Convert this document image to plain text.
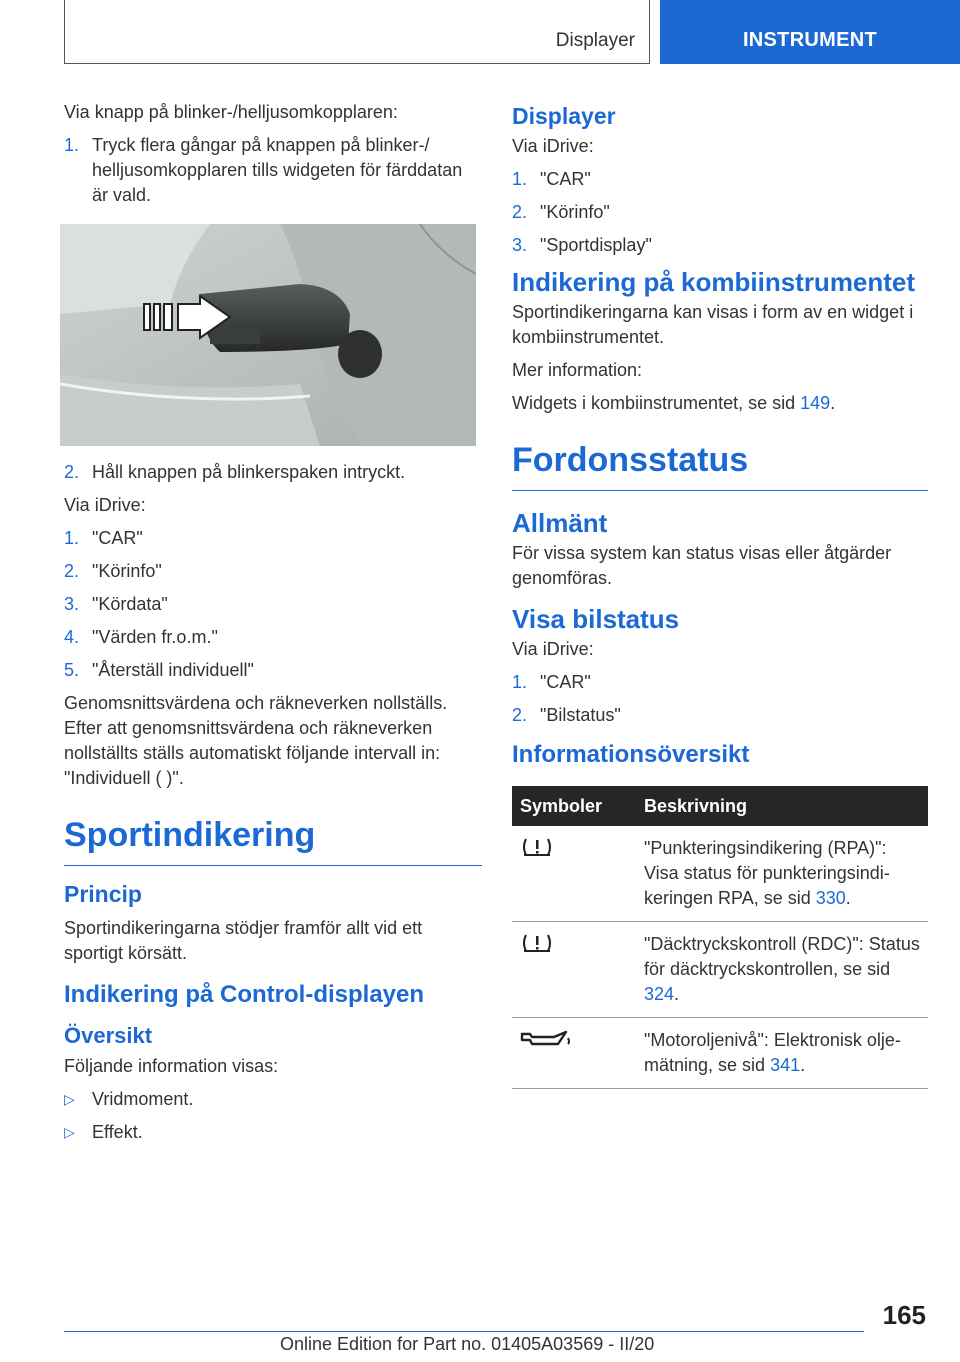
Displayer	INSTRUMENT

Via knapp på blinker-/helljusomkopplaren:

1. Tryck flera gångar på knappen på blinker-/ helljusomkopplaren tills widgeten för färddatan är vald.
2. Håll knappen på blinkerspaken intryckt.

Via iDrive:

1. "CAR"
2. "Körinfo"
3. "Kördata"
4. "Värden fr.o.m."
5. "Återställ individuell"

Genomsnittsvärdena och räkneverken nollställs. Efter att genomsnittsvärdena och räkneverken nollställts ställs automatiskt följande intervall in: "Individuell ( )".

Sportindikering
Princip

Sportindikeringarna stödjer framför allt vid ett sportigt körsätt.

Indikering på Control-displayen
Översikt

Följande information visas:

▷ Vridmoment.
▷ Effekt.
Displayer

Via iDrive:

1. "CAR"
2. "Körinfo"
3. "Sportdisplay"
Indikering på kombiinstrumentet

Sportindikeringarna kan visas i form av en widget i kombiinstrumentet.

Mer information:

Widgets i kombiinstrumentet, se sid 149.

Fordonsstatus
Allmänt

För vissa system kan status visas eller åtgärder genomföras.

Visa bilstatus

Via iDrive:

1. "CAR"
2. "Bilstatus"
Informationsöversikt
Symboler	Beskrivning
	"Punkteringsindikering (RPA)": Visa status för punkteringsindikeringen RPA, se sid 330.
	"Däcktryckskontroll (RDC)": Status för däcktryckskontrollen, se sid 324.
	"Motoroljenivå": Elektronisk oljemätning, se sid 341.
165
Online Edition for Part no. 01405A03569 - II/20
